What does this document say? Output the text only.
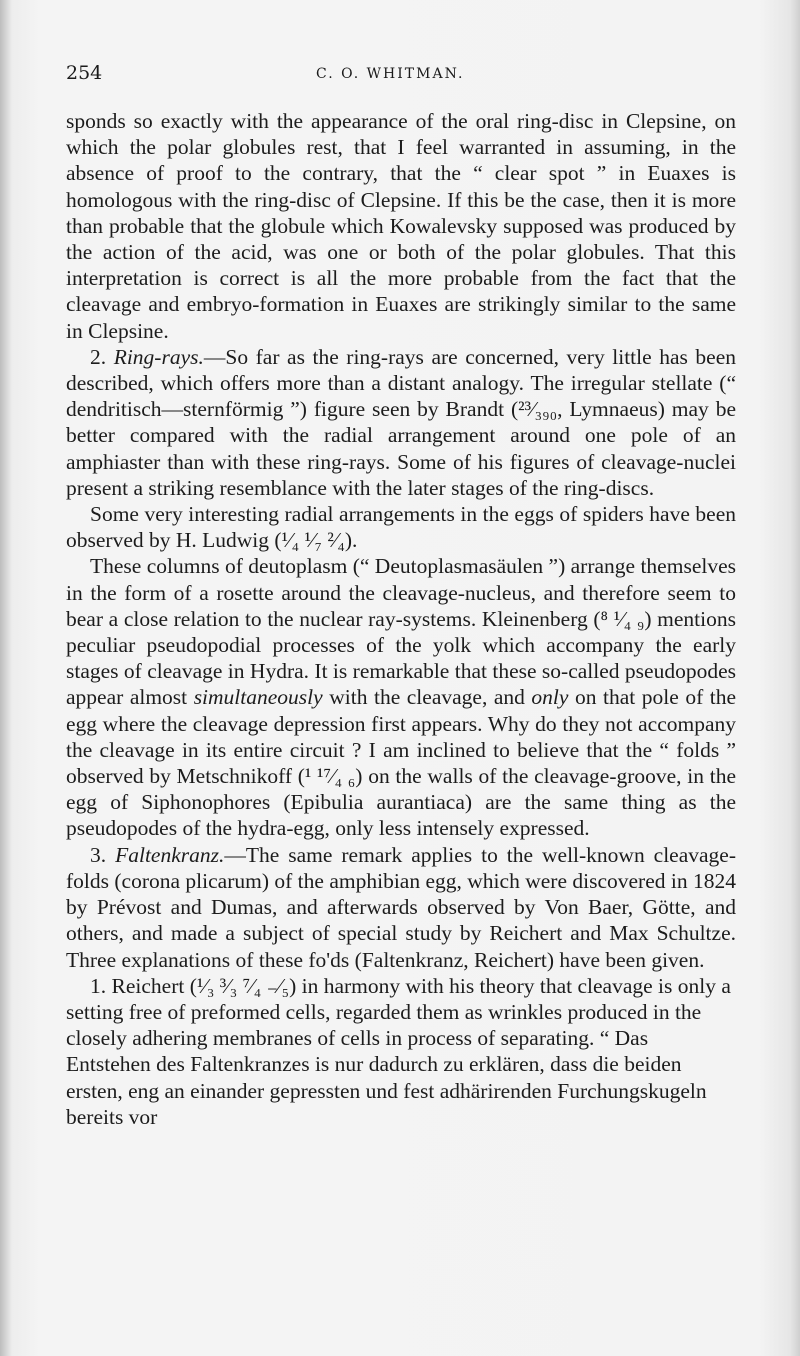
254	C. O. WHITMAN.

sponds so exactly with the appearance of the oral ring-disc in Clepsine, on which the polar globules rest, that I feel warranted in assuming, in the absence of proof to the contrary, that the “ clear spot ” in Euaxes is homologous with the ring-disc of Clepsine. If this be the case, then it is more than probable that the globule which Kowalevsky supposed was produced by the action of the acid, was one or both of the polar globules. That this interpretation is correct is all the more probable from the fact that the cleavage and embryo-formation in Euaxes are strikingly similar to the same in Clepsine.

2. Ring-rays.—So far as the ring-rays are concerned, very little has been described, which offers more than a distant analogy. The irregular stellate (“ dendritisch—sternförmig ”) figure seen by Brandt (²³⁄₃₉₀, Lymnaeus) may be better compared with the radial arrangement around one pole of an amphiaster than with these ring-rays. Some of his figures of cleavage-nuclei present a striking resemblance with the later stages of the ring-discs.

Some very interesting radial arrangements in the eggs of spiders have been observed by H. Ludwig (¹⁄₄ ¹⁄₇ ²⁄₄).

These columns of deutoplasm (“ Deutoplasmasäulen ”) arrange themselves in the form of a rosette around the cleavage-nucleus, and therefore seem to bear a close relation to the nuclear ray-systems. Kleinenberg (⁸ ¹⁄₄ ₉) mentions peculiar pseudopodial processes of the yolk which accompany the early stages of cleavage in Hydra. It is remarkable that these so-called pseudopodes appear almost simultaneously with the cleavage, and only on that pole of the egg where the cleavage depression first appears. Why do they not accompany the cleavage in its entire circuit ? I am inclined to believe that the “ folds ” observed by Metschnikoff (¹ ¹⁷⁄₄ ₆) on the walls of the cleavage-groove, in the egg of Siphonophores (Epibulia aurantiaca) are the same thing as the pseudopodes of the hydra-egg, only less intensely expressed.

3. Faltenkranz.—The same remark applies to the well-known cleavage-folds (corona plicarum) of the amphibian egg, which were discovered in 1824 by Prévost and Dumas, and afterwards observed by Von Baer, Götte, and others, and made a subject of special study by Reichert and Max Schultze. Three explanations of these fo'ds (Faltenkranz, Reichert) have been given.

1. Reichert (¹⁄₃ ³⁄₃ ⁷⁄₄ ₋⁄₅) in harmony with his theory that cleavage is only a setting free of preformed cells, regarded them as wrinkles produced in the closely adhering membranes of cells in process of separating. “ Das Entstehen des Faltenkranzes is nur dadurch zu erklären, dass die beiden ersten, eng an einander gepressten und fest adhärirenden Furchungskugeln bereits vor
